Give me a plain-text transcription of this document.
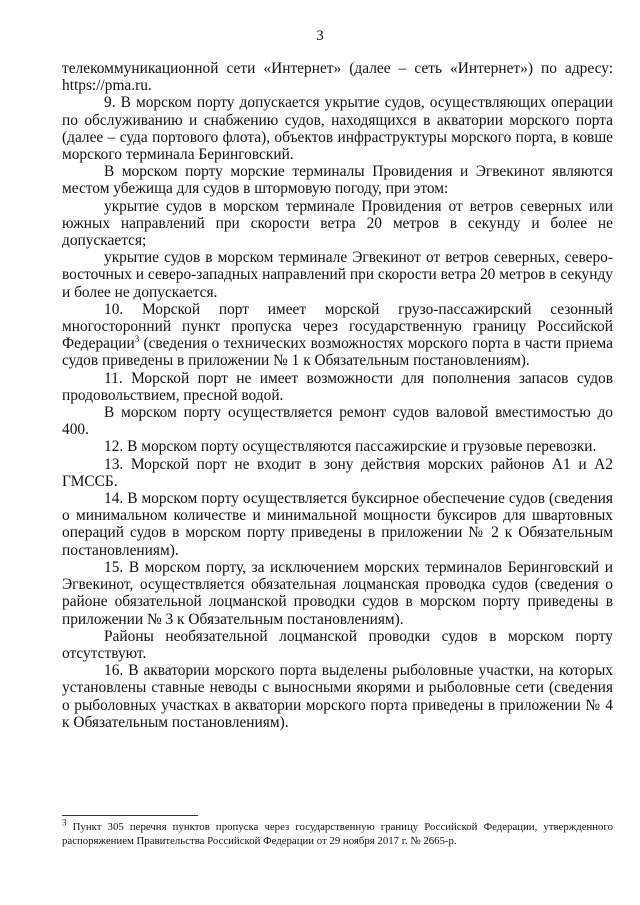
3

телекоммуникационной сети «Интернет» (далее – сеть «Интернет») по адресу: https://pma.ru.

9. В морском порту допускается укрытие судов, осуществляющих операции по обслуживанию и снабжению судов, находящихся в акватории морского порта (далее – суда портового флота), объектов инфраструктуры морского порта, в ковше морского терминала Беринговский.

В морском порту морские терминалы Провидения и Эгвекинот являются местом убежища для судов в штормовую погоду, при этом:

укрытие судов в морском терминале Провидения от ветров северных или южных направлений при скорости ветра 20 метров в секунду и более не допускается;

укрытие судов в морском терминале Эгвекинот от ветров северных, северо-восточных и северо-западных направлений при скорости ветра 20 метров в секунду и более не допускается.

10. Морской порт имеет морской грузо-пассажирский сезонный многосторонний пункт пропуска через государственную границу Российской Федерации$^3$ (сведения о технических возможностях морского порта в части приема судов приведены в приложении № 1 к Обязательным постановлениям).

11. Морской порт не имеет возможности для пополнения запасов судов продовольствием, пресной водой.

В морском порту осуществляется ремонт судов валовой вместимостью до 400.

12. В морском порту осуществляются пассажирские и грузовые перевозки.

13. Морской порт не входит в зону действия морских районов А1 и А2 ГМССБ.

14. В морском порту осуществляется буксирное обеспечение судов (сведения о минимальном количестве и минимальной мощности буксиров для швартовных операций судов в морском порту приведены в приложении № 2 к Обязательным постановлениям).

15. В морском порту, за исключением морских терминалов Беринговский и Эгвекинот, осуществляется обязательная лоцманская проводка судов (сведения о районе обязательной лоцманской проводки судов в морском порту приведены в приложении № 3 к Обязательным постановлениям).

Районы необязательной лоцманской проводки судов в морском порту отсутствуют.

16. В акватории морского порта выделены рыболовные участки, на которых установлены ставные неводы с выносными якорями и рыболовные сети (сведения о рыболовных участках в акватории морского порта приведены в приложении № 4 к Обязательным постановлениям).

$^3$ Пункт 305 перечня пунктов пропуска через государственную границу Российской Федерации, утвержденного распоряжением Правительства Российской Федерации от 29 ноября 2017 г. № 2665-р.
